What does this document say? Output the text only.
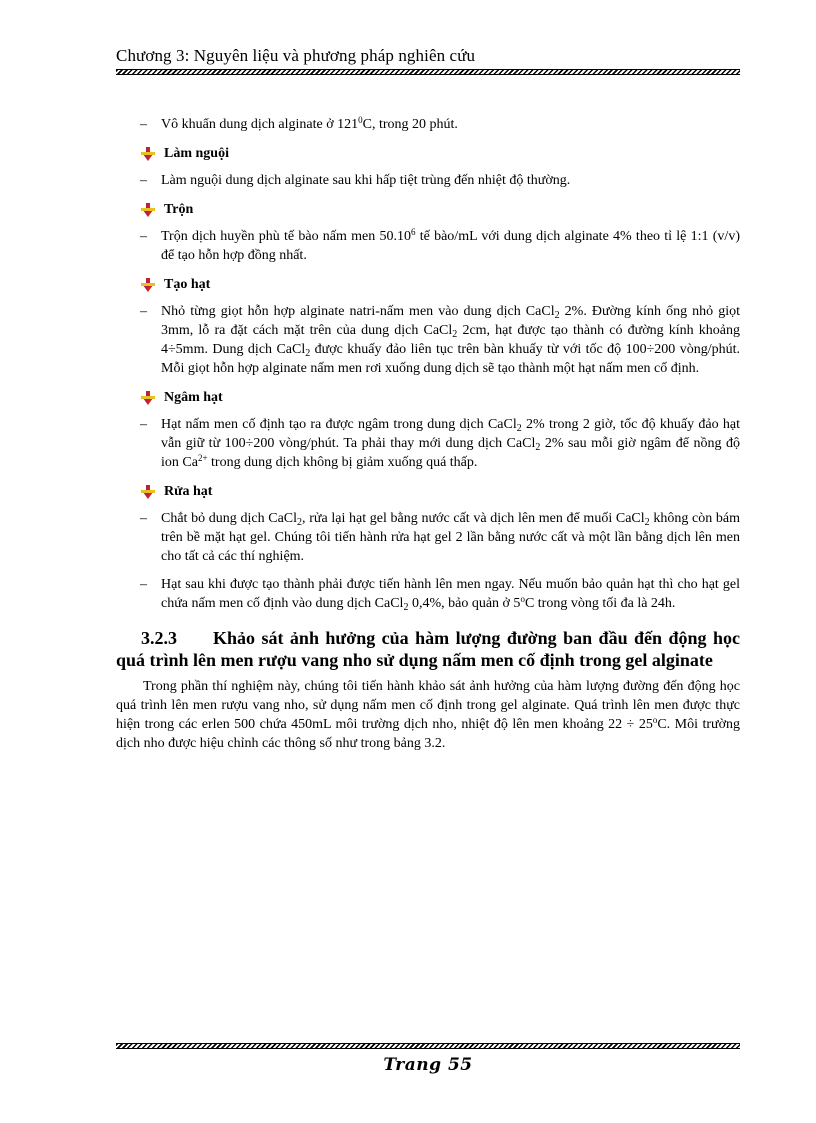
Chương 3: Nguyên liệu và phương pháp nghiên cứu
– Vô khuẩn dung dịch alginate ở $121^0C$, trong 20 phút.
Làm nguội
– Làm nguội dung dịch alginate sau khi hấp tiệt trùng đến nhiệt độ thường.
Trộn
– Trộn dịch huyền phù tế bào nấm men 50.10$^6$ tế bào/mL với dung dịch alginate 4% theo tỉ lệ 1:1 (v/v) để tạo hỗn hợp đồng nhất.
Tạo hạt
– Nhỏ từng giọt hỗn hợp alginate natri-nấm men vào dung dịch CaCl$_2$ 2%. Đường kính ống nhỏ giọt 3mm, lỗ ra đặt cách mặt trên của dung dịch CaCl$_2$ 2cm, hạt được tạo thành có đường kính khoảng 4÷5mm. Dung dịch CaCl$_2$ được khuấy đảo liên tục trên bàn khuấy từ với tốc độ 100÷200 vòng/phút. Mỗi giọt hỗn hợp alginate nấm men rơi xuống dung dịch sẽ tạo thành một hạt nấm men cố định.
Ngâm hạt
– Hạt nấm men cố định tạo ra được ngâm trong dung dịch CaCl$_2$ 2% trong 2 giờ, tốc độ khuấy đảo hạt vẫn giữ từ 100÷200 vòng/phút. Ta phải thay mới dung dịch CaCl$_2$ 2% sau mỗi giờ ngâm để nồng độ ion $Ca^{2+}$ trong dung dịch không bị giảm xuống quá thấp.
Rửa hạt
– Chắt bỏ dung dịch CaCl$_2$, rửa lại hạt gel bằng nước cất và dịch lên men để muối CaCl$_2$ không còn bám trên bề mặt hạt gel. Chúng tôi tiến hành rửa hạt gel 2 lần bằng nước cất và một lần bằng dịch lên men cho tất cả các thí nghiệm.
– Hạt sau khi được tạo thành phải được tiến hành lên men ngay. Nếu muốn bảo quản hạt thì cho hạt gel chứa nấm men cố định vào dung dịch CaCl$_2$ 0,4%, bảo quản ở 5$^o$C trong vòng tối đa là 24h.
3.2.3 Khảo sát ảnh hưởng của hàm lượng đường ban đầu đến động học quá trình lên men rượu vang nho sử dụng nấm men cố định trong gel alginate

Trong phần thí nghiệm này, chúng tôi tiến hành khảo sát ảnh hưởng của hàm lượng đường đến động học quá trình lên men rượu vang nho, sử dụng nấm men cố định trong gel alginate. Quá trình lên men được thực hiện trong các erlen 500 chứa 450mL môi trường dịch nho, nhiệt độ lên men khoảng $22 \div 25^oC$. Môi trường dịch nho được hiệu chỉnh các thông số như trong bảng 3.2.

Trang 55
